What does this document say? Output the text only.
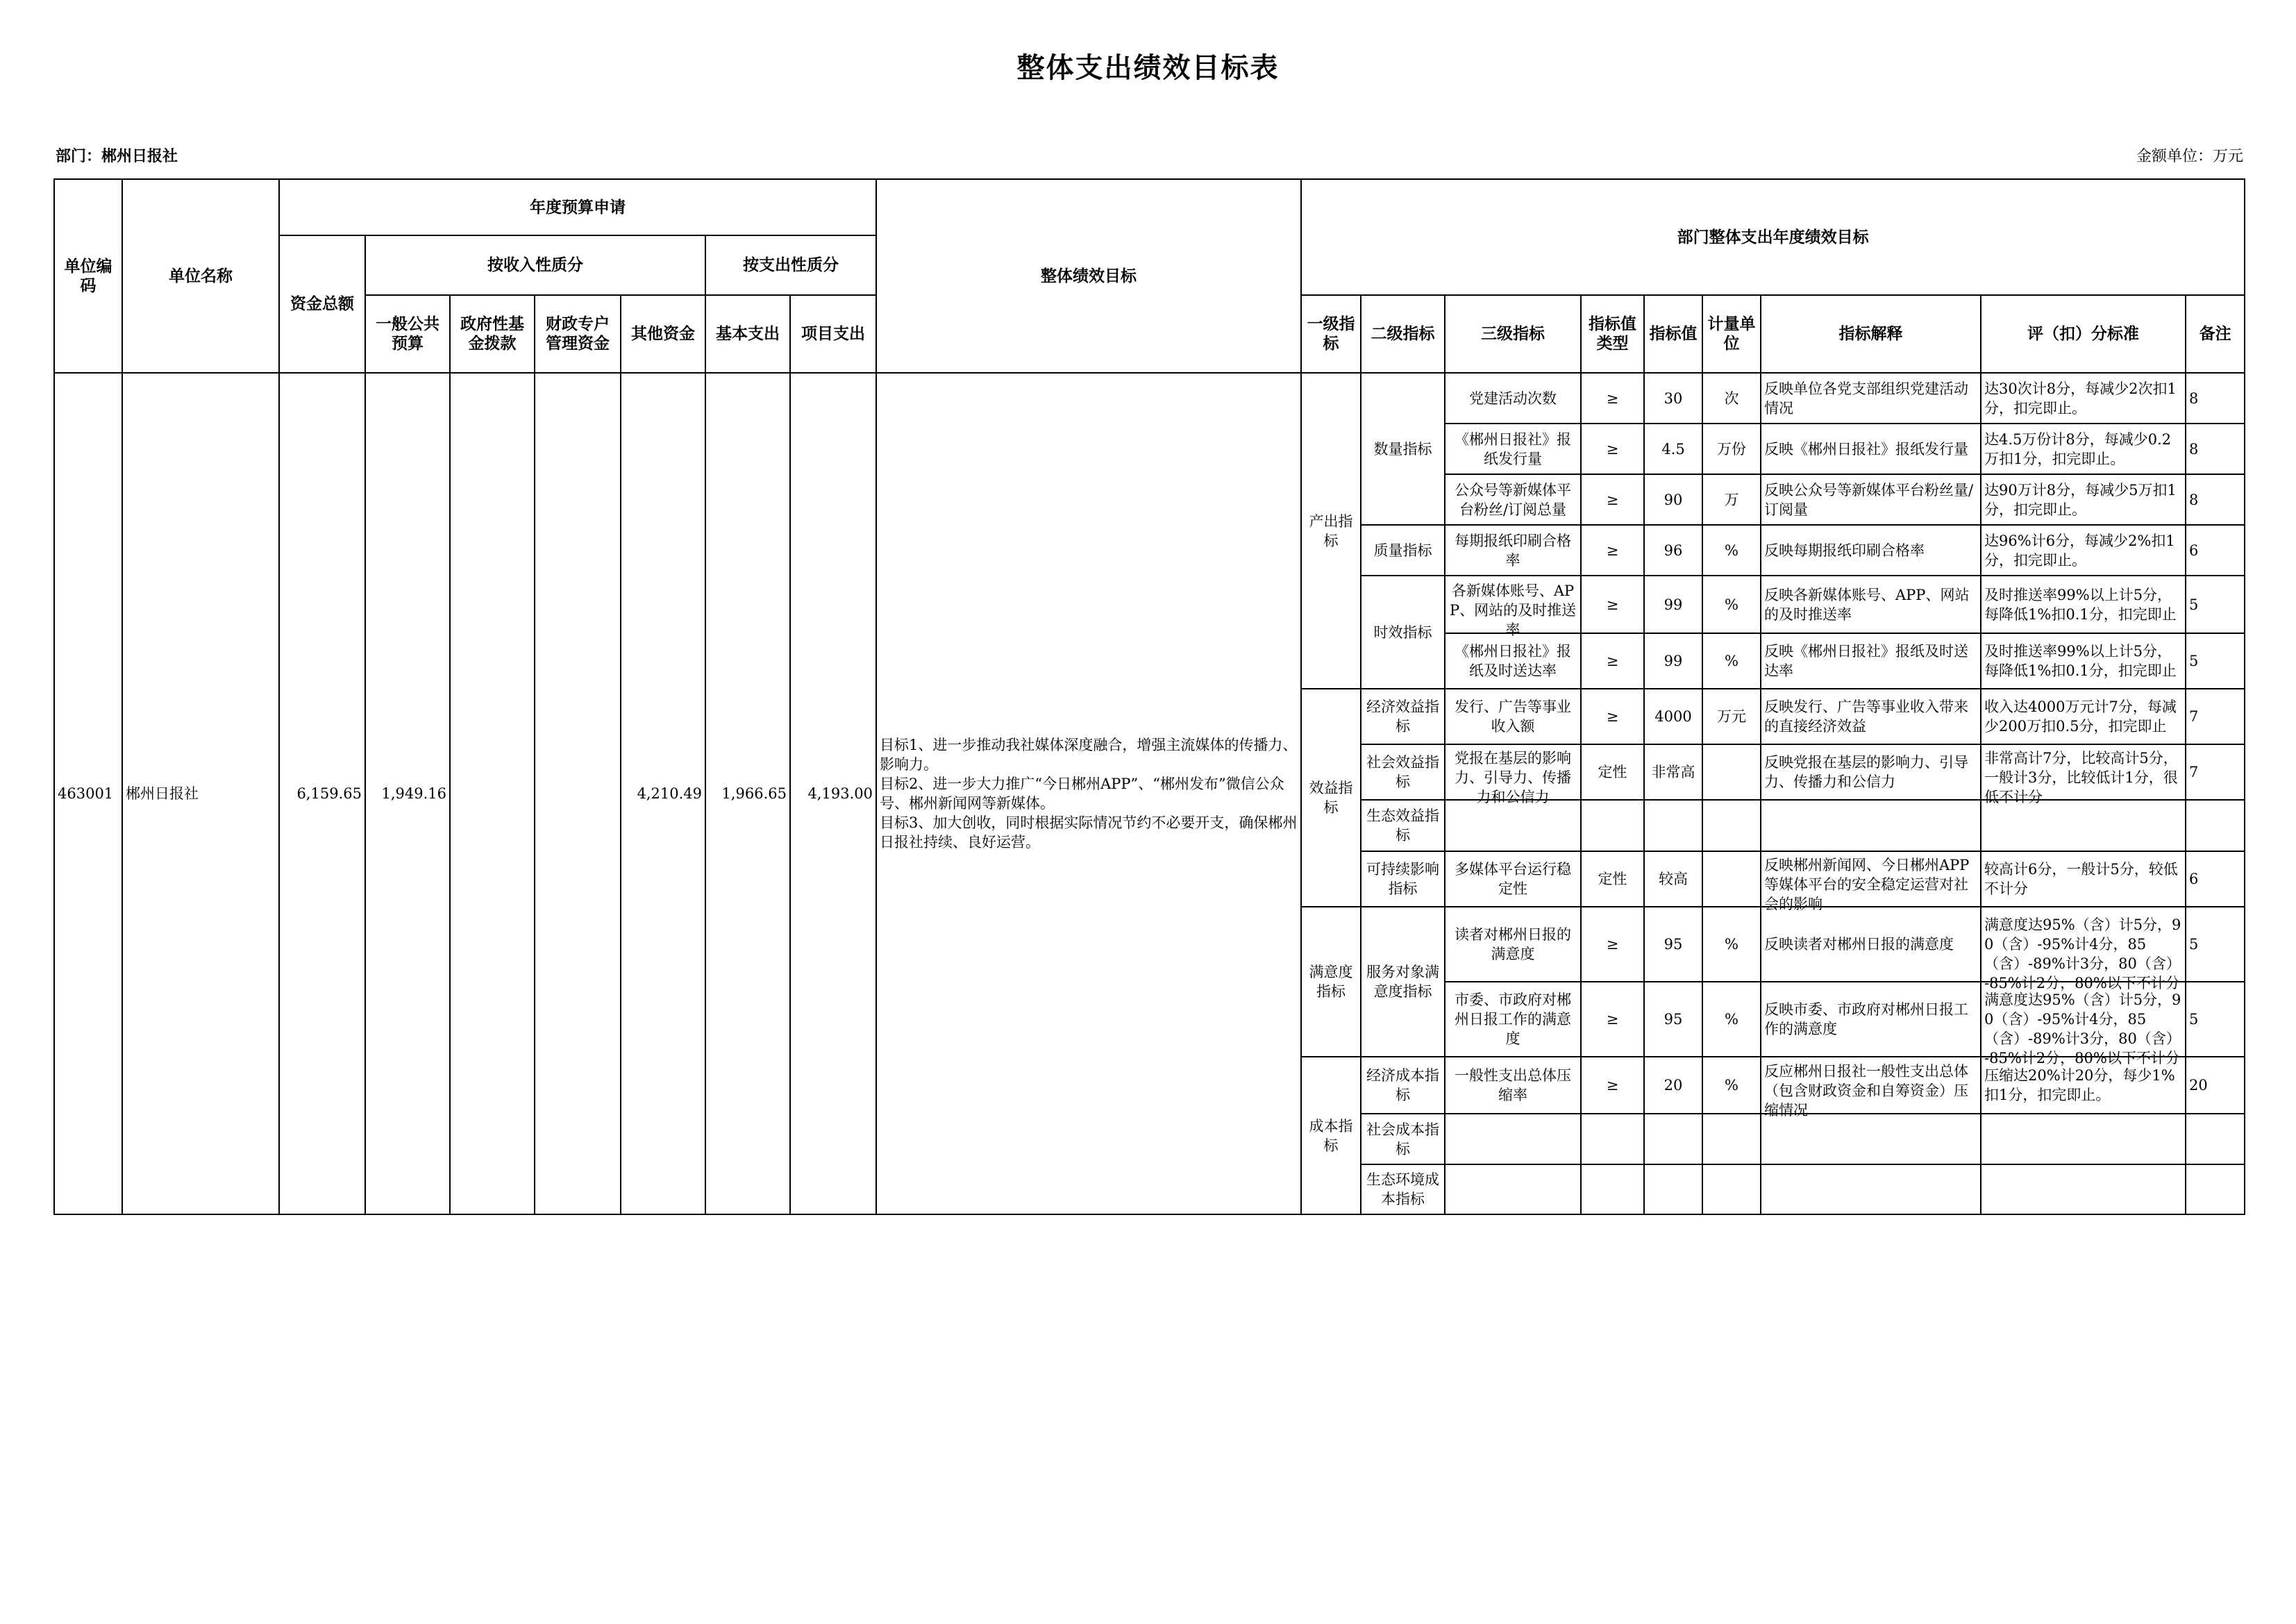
整体支出绩效目标表
部门：郴州日报社	金额单位：万元
单位编码	单位名称	年度预算申请							整体绩效目标	部门整体支出年度绩效目标								
		资金总额	按收入性质分				按支出性质分											
			一般公共预算	政府性基金拨款	财政专户管理资金	其他资金	基本支出	项目支出		一级指标	二级指标	三级指标	指标值类型	指标值	计量单位	指标解释	评（扣）分标准	备注
463001	郴州日报社	6,159.65	1,949.16			4,210.49	1,966.65	4,193.00	目标1、进一步推动我社媒体深度融合，增强主流媒体的传播力、影响力。
目标2、进一步大力推广“今日郴州APP”、“郴州发布”微信公众号、郴州新闻网等新媒体。
目标3、加大创收，同时根据实际情况节约不必要开支，确保郴州日报社持续、良好运营。	产出指标	数量指标	党建活动次数	≥	30	次	反映单位各党支部组织党建活动情况	达30次计8分，每减少2次扣1分，扣完即止。	8
												《郴州日报社》报纸发行量	≥	4.5	万份	反映《郴州日报社》报纸发行量	达4.5万份计8分，每减少0.2万扣1分，扣完即止。	8
												公众号等新媒体平台粉丝/订阅总量	≥	90	万	反映公众号等新媒体平台粉丝量/订阅量	达90万计8分，每减少5万扣1分，扣完即止。	8
											质量指标	每期报纸印刷合格率	≥	96	%	反映每期报纸印刷合格率	达96%计6分，每减少2%扣1分，扣完即止。	6
											时效指标	各新媒体账号、APP、网站的及时推送率	≥	99	%	反映各新媒体账号、APP、网站的及时推送率	及时推送率99%以上计5分，每降低1%扣0.1分，扣完即止	5

												《郴州日报社》报纸及时送达率	≥	99	%	反映《郴州日报社》报纸及时送达率	及时推送率99%以上计5分，每降低1%扣0.1分，扣完即止	5
										效益指标	经济效益指标	发行、广告等事业收入额	≥	4000	万元	反映发行、广告等事业收入带来的直接经济效益	收入达4000万元计7分，每减少200万扣0.5分，扣完即止	7
											社会效益指标	党报在基层的影响力、引导力、传播力和公信力	定性	非常高		反映党报在基层的影响力、引导力、传播力和公信力	非常高计7分，比较高计5分，一般计3分，比较低计1分，很低不计分	7
											生态效益指标							
											可持续影响指标	多媒体平台运行稳定性	定性	较高		反映郴州新闻网、今日郴州APP等媒体平台的安全稳定运营对社会的影响	较高计6分，一般计5分，较低不计分	6
										满意度指标	服务对象满意度指标	读者对郴州日报的满意度	≥	95	%	反映读者对郴州日报的满意度	满意度达95%（含）计5分，90（含）-95%计4分，85（含）-89%计3分，80（含）-85%计2分，80%以下不计分	5

												市委、市政府对郴州日报工作的满意度	≥	95	%	反映市委、市政府对郴州日报工作的满意度	满意度达95%（含）计5分，90（含）-95%计4分，85（含）-89%计3分，80（含）-85%计2分，80%以下不计分	5
										成本指标	经济成本指标	一般性支出总体压缩率	≥	20	%	反应郴州日报社一般性支出总体（包含财政资金和自筹资金）压缩情况	压缩达20%计20分，每少1%扣1分，扣完即止。	20
											社会成本指标							
											生态环境成本指标							
